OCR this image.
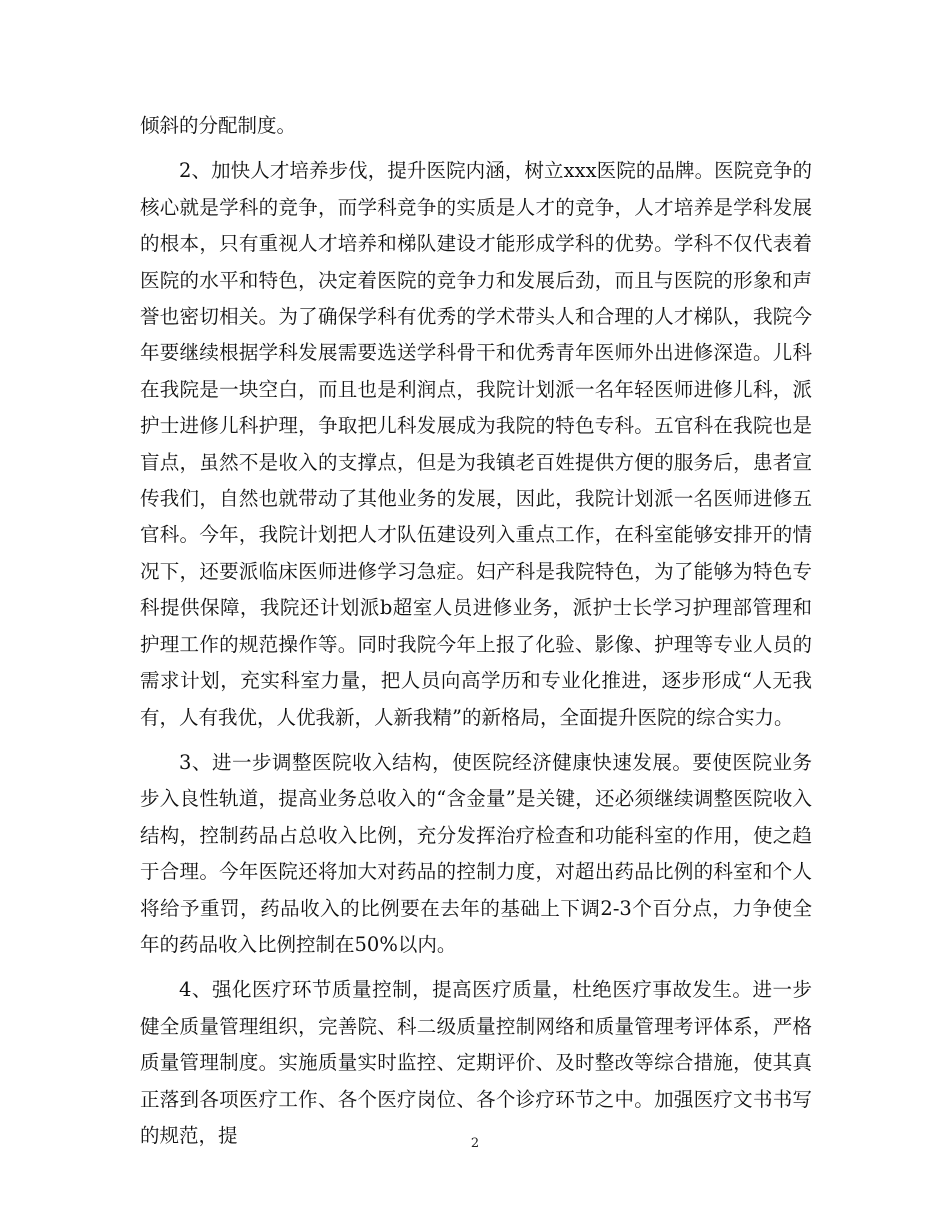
倾斜的分配制度。

2、加快人才培养步伐，提升医院内涵，树立xxx医院的品牌。医院竞争的核心就是学科的竞争，而学科竞争的实质是人才的竞争，人才培养是学科发展的根本，只有重视人才培养和梯队建设才能形成学科的优势。学科不仅代表着医院的水平和特色，决定着医院的竞争力和发展后劲，而且与医院的形象和声誉也密切相关。为了确保学科有优秀的学术带头人和合理的人才梯队，我院今年要继续根据学科发展需要选送学科骨干和优秀青年医师外出进修深造。儿科在我院是一块空白，而且也是利润点，我院计划派一名年轻医师进修儿科，派护士进修儿科护理，争取把儿科发展成为我院的特色专科。五官科在我院也是盲点，虽然不是收入的支撑点，但是为我镇老百姓提供方便的服务后，患者宣传我们，自然也就带动了其他业务的发展，因此，我院计划派一名医师进修五官科。今年，我院计划把人才队伍建设列入重点工作，在科室能够安排开的情况下，还要派临床医师进修学习急症。妇产科是我院特色，为了能够为特色专科提供保障，我院还计划派b超室人员进修业务，派护士长学习护理部管理和护理工作的规范操作等。同时我院今年上报了化验、影像、护理等专业人员的需求计划，充实科室力量，把人员向高学历和专业化推进，逐步形成“人无我有，人有我优，人优我新，人新我精”的新格局，全面提升医院的综合实力。

3、进一步调整医院收入结构，使医院经济健康快速发展。要使医院业务步入良性轨道，提高业务总收入的“含金量”是关键，还必须继续调整医院收入结构，控制药品占总收入比例，充分发挥治疗检查和功能科室的作用，使之趋于合理。今年医院还将加大对药品的控制力度，对超出药品比例的科室和个人将给予重罚，药品收入的比例要在去年的基础上下调2-3个百分点，力争使全年的药品收入比例控制在50%以内。

4、强化医疗环节质量控制，提高医疗质量，杜绝医疗事故发生。进一步健全质量管理组织，完善院、科二级质量控制网络和质量管理考评体系，严格质量管理制度。实施质量实时监控、定期评价、及时整改等综合措施，使其真正落到各项医疗工作、各个医疗岗位、各个诊疗环节之中。加强医疗文书书写的规范，提	2
